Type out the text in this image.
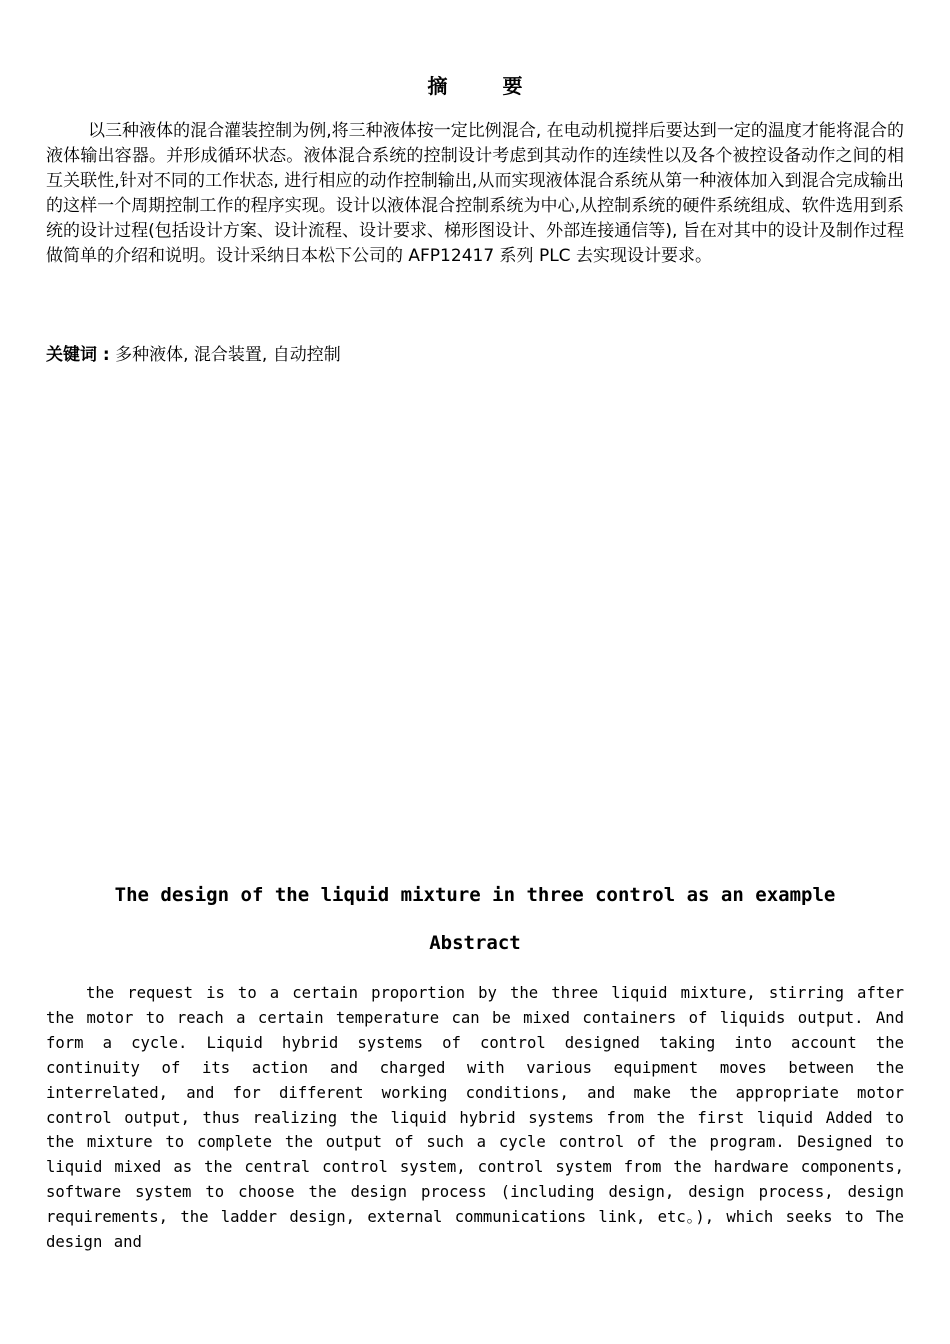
摘 要

以三种液体的混合灌装控制为例,将三种液体按一定比例混合, 在电动机搅拌后要达到一定的温度才能将混合的液体输出容器。并形成循环状态。液体混合系统的控制设计考虑到其动作的连续性以及各个被控设备动作之间的相互关联性,针对不同的工作状态, 进行相应的动作控制输出,从而实现液体混合系统从第一种液体加入到混合完成输出的这样一个周期控制工作的程序实现。设计以液体混合控制系统为中心,从控制系统的硬件系统组成、软件选用到系统的设计过程(包括设计方案、设计流程、设计要求、梯形图设计、外部连接通信等), 旨在对其中的设计及制作过程做简单的介绍和说明。设计采纳日本松下公司的 AFP12417 系列 PLC 去实现设计要求。

关键词 : 多种液体, 混合装置, 自动控制

The design of the liquid mixture in three control as an example
Abstract

the request is to a certain proportion by the three liquid mixture, stirring after the motor to reach a certain temperature can be mixed containers of liquids output. And form a cycle. Liquid hybrid systems of control designed taking into account the continuity of its action and charged with various equipment moves between the interrelated, and for different working conditions, and make the appropriate motor control output, thus realizing the liquid hybrid systems from the first liquid Added to the mixture to complete the output of such a cycle control of the program. Designed to liquid mixed as the central control system, control system from the hardware components, software system to choose the design process (including design, design process, design requirements, the ladder design, external communications link, etc。), which seeks to The design and
